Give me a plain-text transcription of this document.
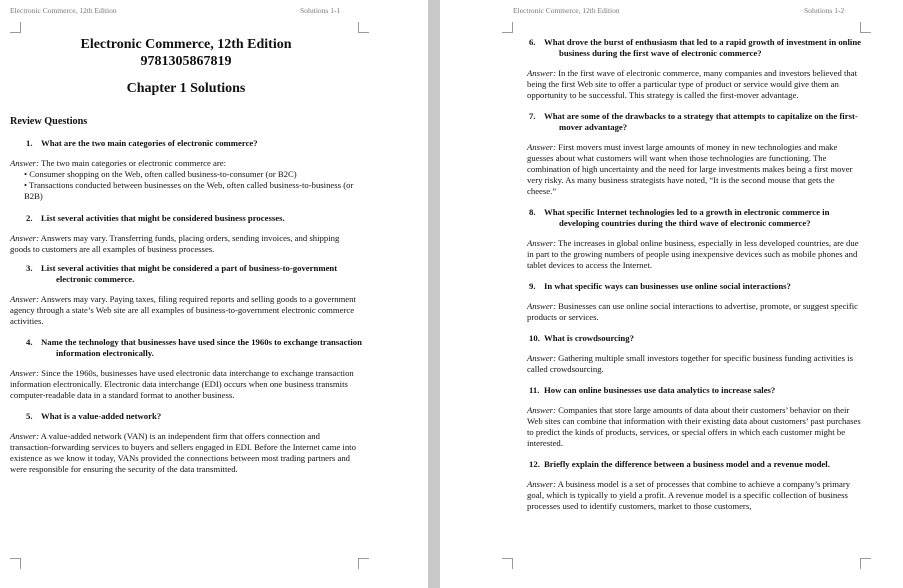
Electronic Commerce, 12th Edition	Solutions 1-1

Electronic Commerce, 12th Edition

9781305867819

Chapter 1 Solutions

Review Questions

1. What are the two main categories of electronic commerce?

Answer: The two main categories or electronic commerce are:

• Consumer shopping on the Web, often called business-to-consumer (or B2C)

• Transactions conducted between businesses on the Web, often called business-to-business (or B2B)

2. List several activities that might be considered business processes.

Answer: Answers may vary. Transferring funds, placing orders, sending invoices, and shipping goods to customers are all examples of business processes.

3. List several activities that might be considered a part of business-to-government electronic commerce.

Answer: Answers may vary. Paying taxes, filing required reports and selling goods to a government agency through a state’s Web site are all examples of business-to-government electronic commerce activities.

4. Name the technology that businesses have used since the 1960s to exchange transaction information electronically.

Answer: Since the 1960s, businesses have used electronic data interchange to exchange transaction information electronically. Electronic data interchange (EDI) occurs when one business transmits computer-readable data in a standard format to another business.

5. What is a value-added network?

Answer: A value-added network (VAN) is an independent firm that offers connection and transaction-forwarding services to buyers and sellers engaged in EDI. Before the Internet came into existence as we know it today, VANs provided the connections between most trading partners and were responsible for ensuring the security of the data transmitted.

Electronic Commerce, 12th Edition	Solutions 1-2

6. What drove the burst of enthusiasm that led to a rapid growth of investment in online business during the first wave of electronic commerce?

Answer: In the first wave of electronic commerce, many companies and investors believed that being the first Web site to offer a particular type of product or service would give them an opportunity to be successful. This strategy is called the first-mover advantage.

7. What are some of the drawbacks to a strategy that attempts to capitalize on the first-mover advantage?

Answer: First movers must invest large amounts of money in new technologies and make guesses about what customers will want when those technologies are functioning. The combination of high uncertainty and the need for large investments makes being a first mover very risky. As many business strategists have noted, “It is the second mouse that gets the cheese.”

8. What specific Internet technologies led to a growth in electronic commerce in developing countries during the third wave of electronic commerce?

Answer: The increases in global online business, especially in less developed countries, are due in part to the growing numbers of people using inexpensive devices such as mobile phones and tablet devices to access the Internet.

9. In what specific ways can businesses use online social interactions?

Answer: Businesses can use online social interactions to advertise, promote, or suggest specific products or services.

10. What is crowdsourcing?

Answer: Gathering multiple small investors together for specific business funding activities is called crowdsourcing.

11. How can online businesses use data analytics to increase sales?

Answer: Companies that store large amounts of data about their customers’ behavior on their Web sites can combine that information with their existing data about customers’ past purchases to predict the kinds of products, services, or special offers in which each customer might be interested.

12. Briefly explain the difference between a business model and a revenue model.

Answer: A business model is a set of processes that combine to achieve a company’s primary goal, which is typically to yield a profit. A revenue model is a specific collection of business processes used to identify customers, market to those customers,
